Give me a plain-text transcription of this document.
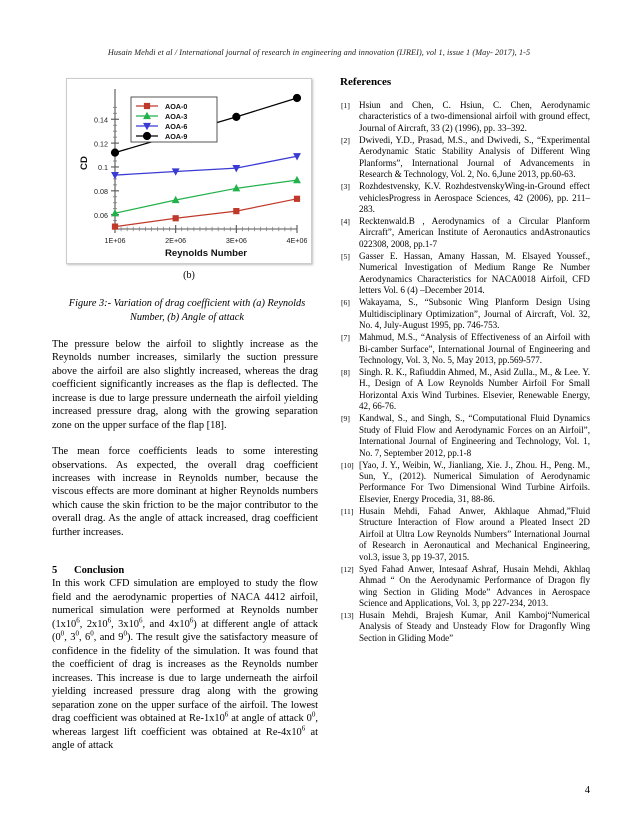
Husain Mehdi et al / International journal of research in engineering and innovation (IJREI), vol 1, issue 1 (May- 2017), 1-5
0.14
0.12
0.1
0.08
0.06
1E+06	2E+06	3E+06	4E+06
Reynolds Number
CD
AOA-0
AOA-3
AOA-6
AOA-9
(b)
Figure 3:- Variation of drag coefficient with (a) Reynolds Number, (b) Angle of attack

The pressure below the airfoil to slightly increase as the Reynolds number increases, similarly the suction pressure above the airfoil are also slightly increased, whereas the drag coefficient significantly increases as the flap is deflected. The increase is due to large pressure underneath the airfoil yielding increased pressure drag, along with the growing separation zone on the upper surface of the flap [18].

The mean force coefficients leads to some interesting observations. As expected, the overall drag coefficient increases with increase in Reynolds number, because the viscous effects are more dominant at higher Reynolds numbers which cause the skin friction to be the major contributor to the overall drag. As the angle of attack increased, drag coefficient further increases.

5 Conclusion

In this work CFD simulation are employed to study the flow field and the aerodynamic properties of NACA 4412 airfoil, numerical simulation were performed at Reynolds number ($1x10^6$, $2x10^6$, $3x10^6$, and $4x10^6$) at different angle of attack ($0^0$, $3^0$, $6^0$, and $9^0$). The result give the satisfactory measure of confidence in the fidelity of the simulation. It was found that the coefficient of drag is increases as the Reynolds number increases. This increase is due to large underneath the airfoil yielding increased pressure drag along with the growing separation zone on the upper surface of the airfoil. The lowest drag coefficient was obtained at $Re-1x10^6$ at angle of attack $0^0$, whereas largest lift coefficient was obtained at $Re-4x10^6$ at angle of attack

References
[1]	Hsiun and Chen, C. Hsiun, C. Chen, Aerodynamic characteristics of a two-dimensional airfoil with ground effect, Journal of Aircraft, 33 (2) (1996), pp. 33–392.
[2]	Dwivedi, Y.D., Prasad, M.S., and Dwivedi, S., “Experimental Aerodynamic Static Stability Analysis of Different Wing Planforms”, International Journal of Advancements in Research & Technology, Vol. 2, No. 6,June 2013, pp.60-63.
[3]	Rozhdestvensky, K.V. RozhdestvenskyWing-in-Ground effect vehiclesProgress in Aerospace Sciences, 42 (2006), pp. 211–283.
[4]	Recktenwald.B , Aerodynamics of a Circular Planform Aircraft”, American Institute of Aeronautics andAstronautics 022308, 2008, pp.1-7
[5]	Gasser E. Hassan, Amany Hassan, M. Elsayed Youssef., Numerical Investigation of Medium Range Re Number Aerodynamics Characteristics for NACA0018 Airfoil, CFD letters Vol. 6 (4) –December 2014.
[6]	Wakayama, S., “Subsonic Wing Planform Design Using Multidisciplinary Optimization”, Journal of Aircraft, Vol. 32, No. 4, July-August 1995, pp. 746-753.
[7]	Mahmud, M.S., “Analysis of Effectiveness of an Airfoil with Bi-camber Surface”, International Journal of Engineering and Technology, Vol. 3, No. 5, May 2013, pp.569-577.
[8]	Singh. R. K., Rafiuddin Ahmed, M., Asid Zulla., M., & Lee. Y. H., Design of A Low Reynolds Number Airfoil For Small Horizontal Axis Wind Turbines. Elsevier, Renewable Energy, 42, 66-76.
[9]	Kandwal, S., and Singh, S., “Computational Fluid Dynamics Study of Fluid Flow and Aerodynamic Forces on an Airfoil”, International Journal of Engineering and Technology, Vol. 1, No. 7, September 2012, pp.1-8
[10] [Yao, J. Y., Weibin, W., Jianliang, Xie. J., Zhou. H., Peng. M., Sun, Y., (2012). Numerical Simulation of Aerodynamic Performance For Two Dimensional Wind Turbine Airfoils. Elsevier, Energy Procedia, 31, 88-86.
[11] Husain Mehdi, Fahad Anwer, Akhlaque Ahmad,”Fluid Structure Interaction of Flow around a Pleated Insect 2D Airfoil at Ultra Low Reynolds Numbers” International Journal of Research in Aeronautical and Mechanical Engineering, vol.3, issue 3, pp 19-37, 2015.
[12] Syed Fahad Anwer, Intesaaf Ashraf, Husain Mehdi, Akhlaq Ahmad “ On the Aerodynamic Performance of Dragon fly wing Section in Gliding Mode” Advances in Aerospace Science and Applications, Vol. 3, pp 227-234, 2013.
[13] Husain Mehdi, Brajesh Kumar, Anil Kamboj“Numerical Analysis of Steady and Unsteady Flow for Dragonfly Wing Section in Gliding Mode”
4
